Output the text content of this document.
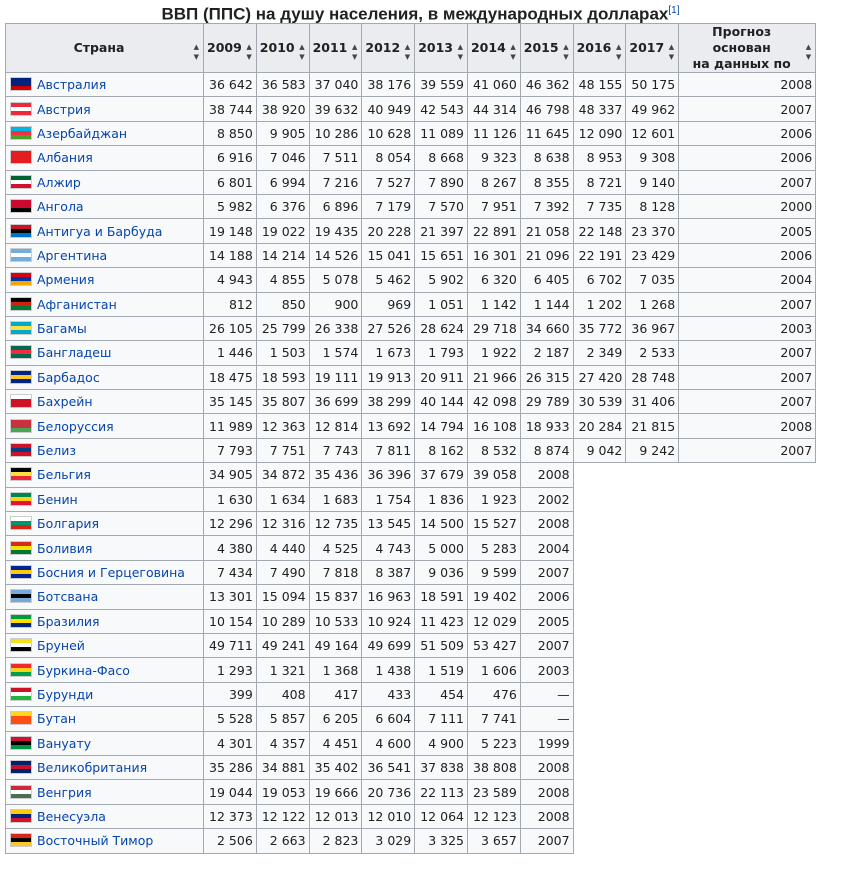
ВВП (ППС) на душу населения, в международных долларах[1]
▼ Страна ▲	▼ 2009 ▲	▼ 2010 ▲	▼ 2011 ▲	▼ 2012 ▲	▼ 2013 ▲	▼ 2014 ▲	▼ 2015 ▲	▼ 2016 ▲	▼ 2017 ▲	▼ Прогноз основан
на данных по ▲
Австралия	36 642	36 583	37 040	38 176	39 559	41 060	46 362	48 155	50 175	2008
Австрия	38 744	38 920	39 632	40 949	42 543	44 314	46 798	48 337	49 962	2007
Азербайджан	8 850	9 905	10 286	10 628	11 089	11 126	11 645	12 090	12 601	2006
Албания	6 916	7 046	7 511	8 054	8 668	9 323	8 638	8 953	9 308	2006
Алжир	6 801	6 994	7 216	7 527	7 890	8 267	8 355	8 721	9 140	2007
Ангола	5 982	6 376	6 896	7 179	7 570	7 951	7 392	7 735	8 128	2000
Антигуа и Барбуда	19 148	19 022	19 435	20 228	21 397	22 891	21 058	22 148	23 370	2005
Аргентина	14 188	14 214	14 526	15 041	15 651	16 301	21 096	22 191	23 429	2006
Армения	4 943	4 855	5 078	5 462	5 902	6 320	6 405	6 702	7 035	2004
Афганистан	812	850	900	969	1 051	1 142	1 144	1 202	1 268	2007
Багамы	26 105	25 799	26 338	27 526	28 624	29 718	34 660	35 772	36 967	2003
Бангладеш	1 446	1 503	1 574	1 673	1 793	1 922	2 187	2 349	2 533	2007
Барбадос	18 475	18 593	19 111	19 913	20 911	21 966	26 315	27 420	28 748	2007
Бахрейн	35 145	35 807	36 699	38 299	40 144	42 098	29 789	30 539	31 406	2007
Белоруссия	11 989	12 363	12 814	13 692	14 794	16 108	18 933	20 284	21 815	2008
Белиз	7 793	7 751	7 743	7 811	8 162	8 532	8 874	9 042	9 242	2007
Бельгия	34 905	34 872	35 436	36 396	37 679	39 058	2008			
Бенин	1 630	1 634	1 683	1 754	1 836	1 923	2002			
Болгария	12 296	12 316	12 735	13 545	14 500	15 527	2008			
Боливия	4 380	4 440	4 525	4 743	5 000	5 283	2004			
Босния и Герцеговина	7 434	7 490	7 818	8 387	9 036	9 599	2007			
Ботсвана	13 301	15 094	15 837	16 963	18 591	19 402	2006			
Бразилия	10 154	10 289	10 533	10 924	11 423	12 029	2005			
Бруней	49 711	49 241	49 164	49 699	51 509	53 427	2007			
Буркина-Фасо	1 293	1 321	1 368	1 438	1 519	1 606	2003			
Бурунди	399	408	417	433	454	476	—			
Бутан	5 528	5 857	6 205	6 604	7 111	7 741	—			
Вануату	4 301	4 357	4 451	4 600	4 900	5 223	1999			
Великобритания	35 286	34 881	35 402	36 541	37 838	38 808	2008			
Венгрия	19 044	19 053	19 666	20 736	22 113	23 589	2008			
Венесуэла	12 373	12 122	12 013	12 010	12 064	12 123	2008			
Восточный Тимор	2 506	2 663	2 823	3 029	3 325	3 657	2007			
